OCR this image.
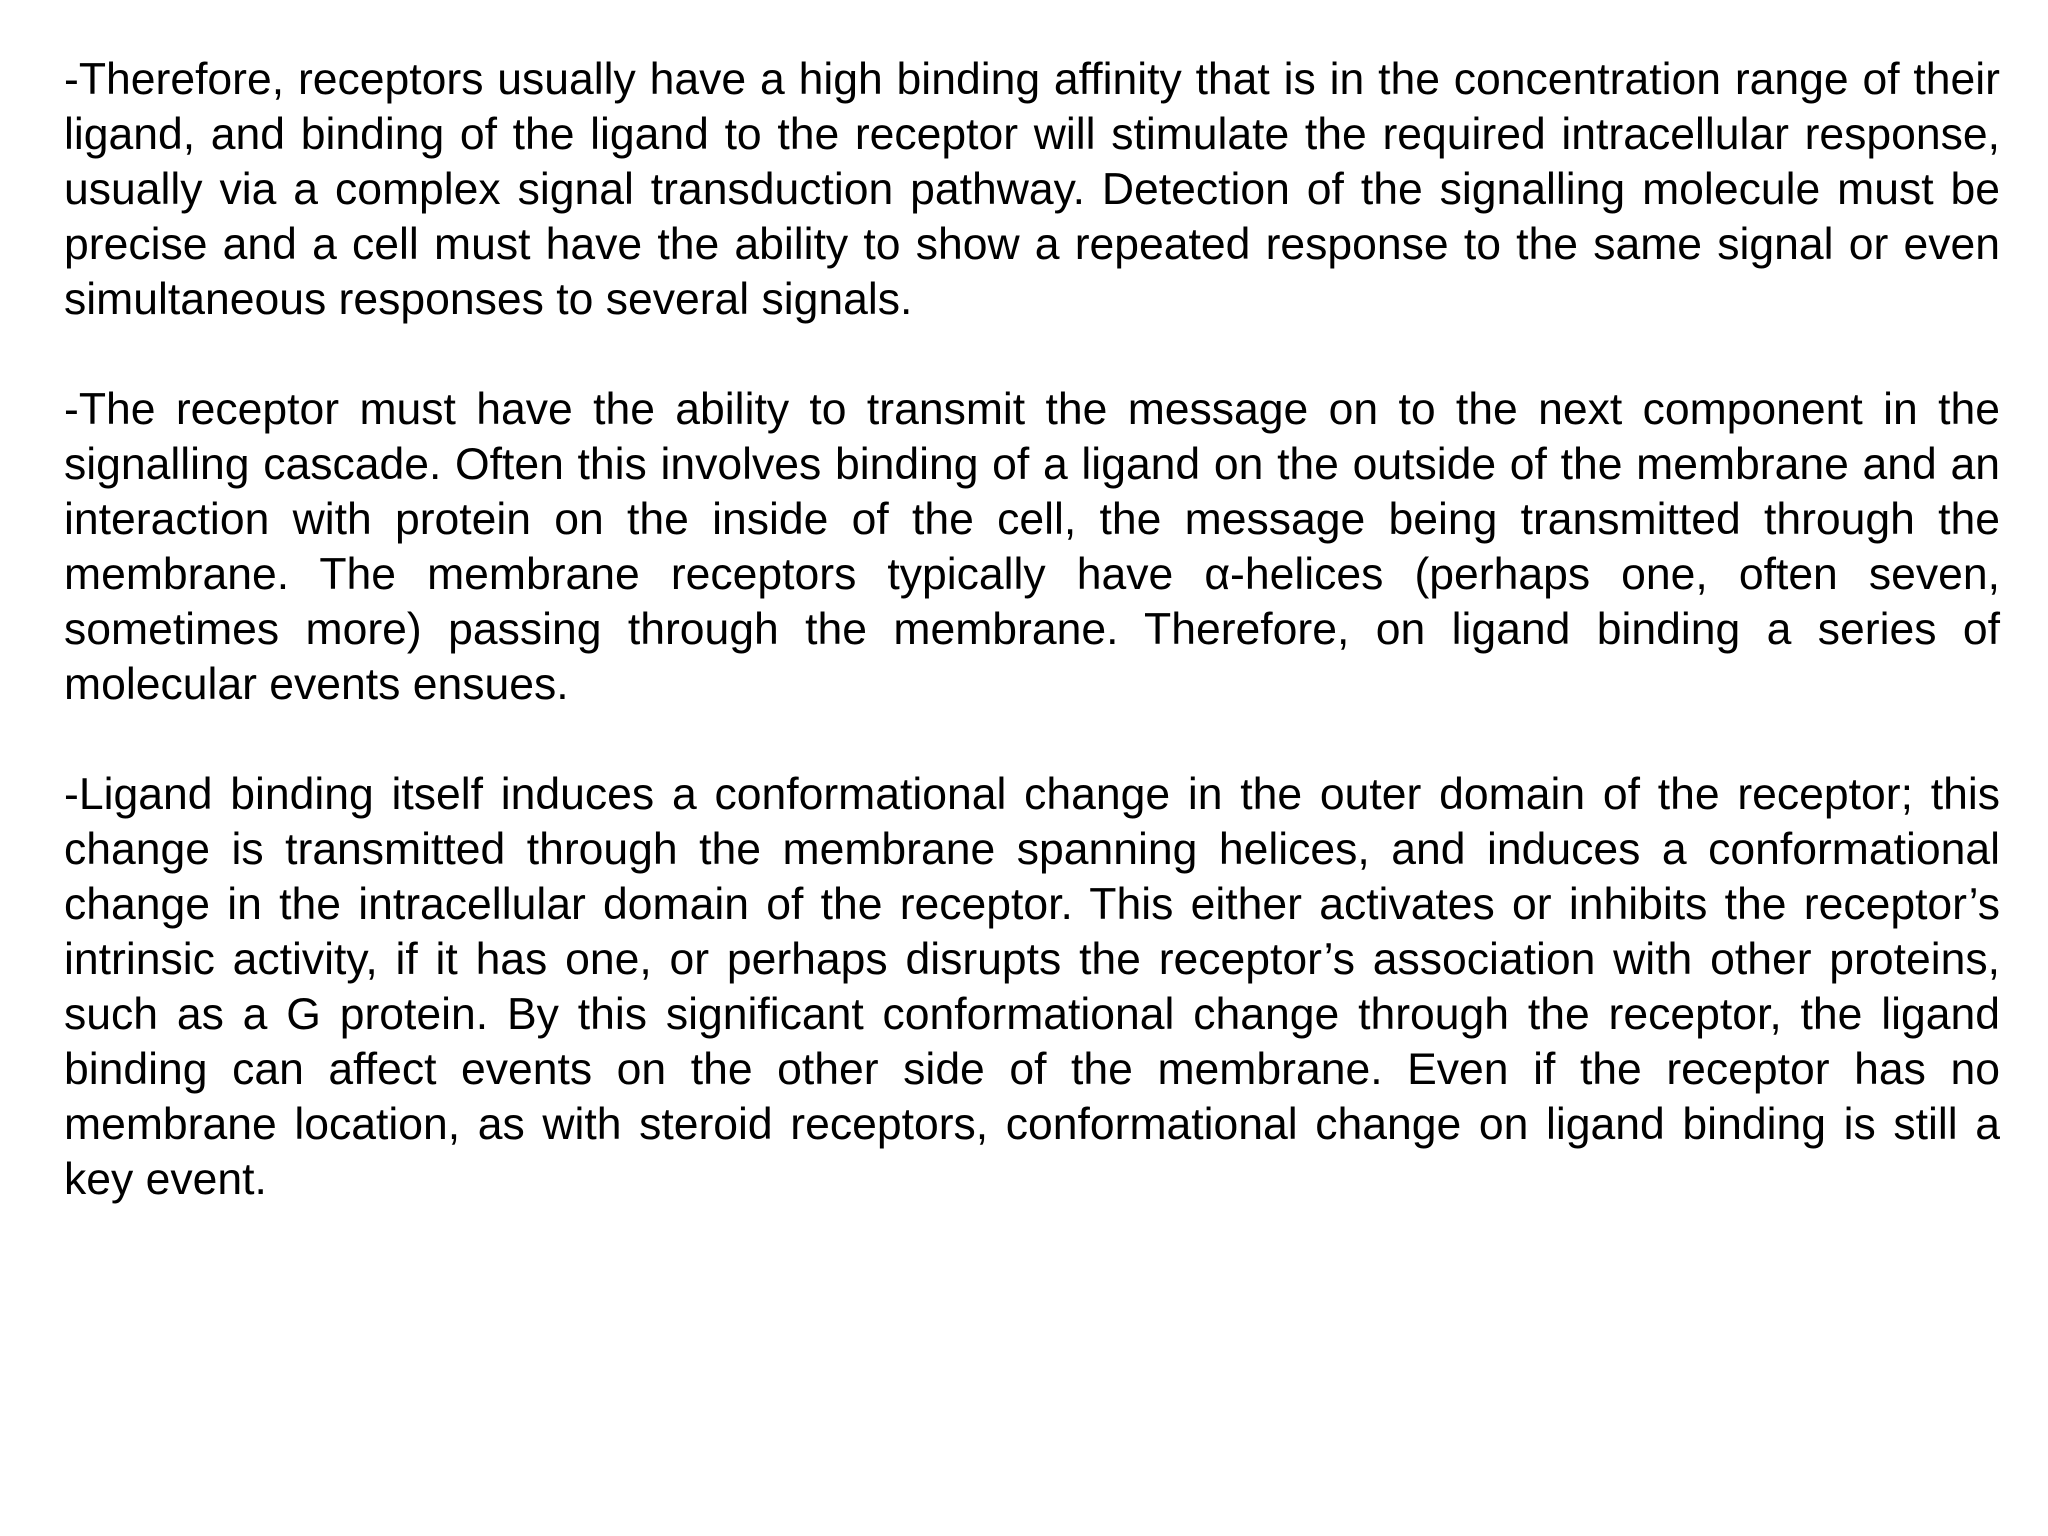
-Therefore, receptors usually have a high binding affinity that is in the concentration range of their ligand, and binding of the ligand to the receptor will stimulate the required intracellular response, usually via a complex signal transduction pathway. Detection of the signalling molecule must be precise and a cell must have the ability to show a repeated response to the same signal or even simultaneous responses to several signals.

-The receptor must have the ability to transmit the message on to the next component in the signalling cascade. Often this involves binding of a ligand on the outside of the membrane and an interaction with protein on the inside of the cell, the message being transmitted through the membrane. The membrane receptors typically have α-helices (perhaps one, often seven, sometimes more) passing through the membrane. Therefore, on ligand binding a series of molecular events ensues.

-Ligand binding itself induces a conformational change in the outer domain of the receptor; this change is transmitted through the membrane spanning helices, and induces a conformational change in the intracellular domain of the receptor. This either activates or inhibits the receptor’s intrinsic activity, if it has one, or perhaps disrupts the receptor’s association with other proteins, such as a G protein. By this significant conformational change through the receptor, the ligand binding can affect events on the other side of the membrane. Even if the receptor has no membrane location, as with steroid receptors, conformational change on ligand binding is still a key event.
